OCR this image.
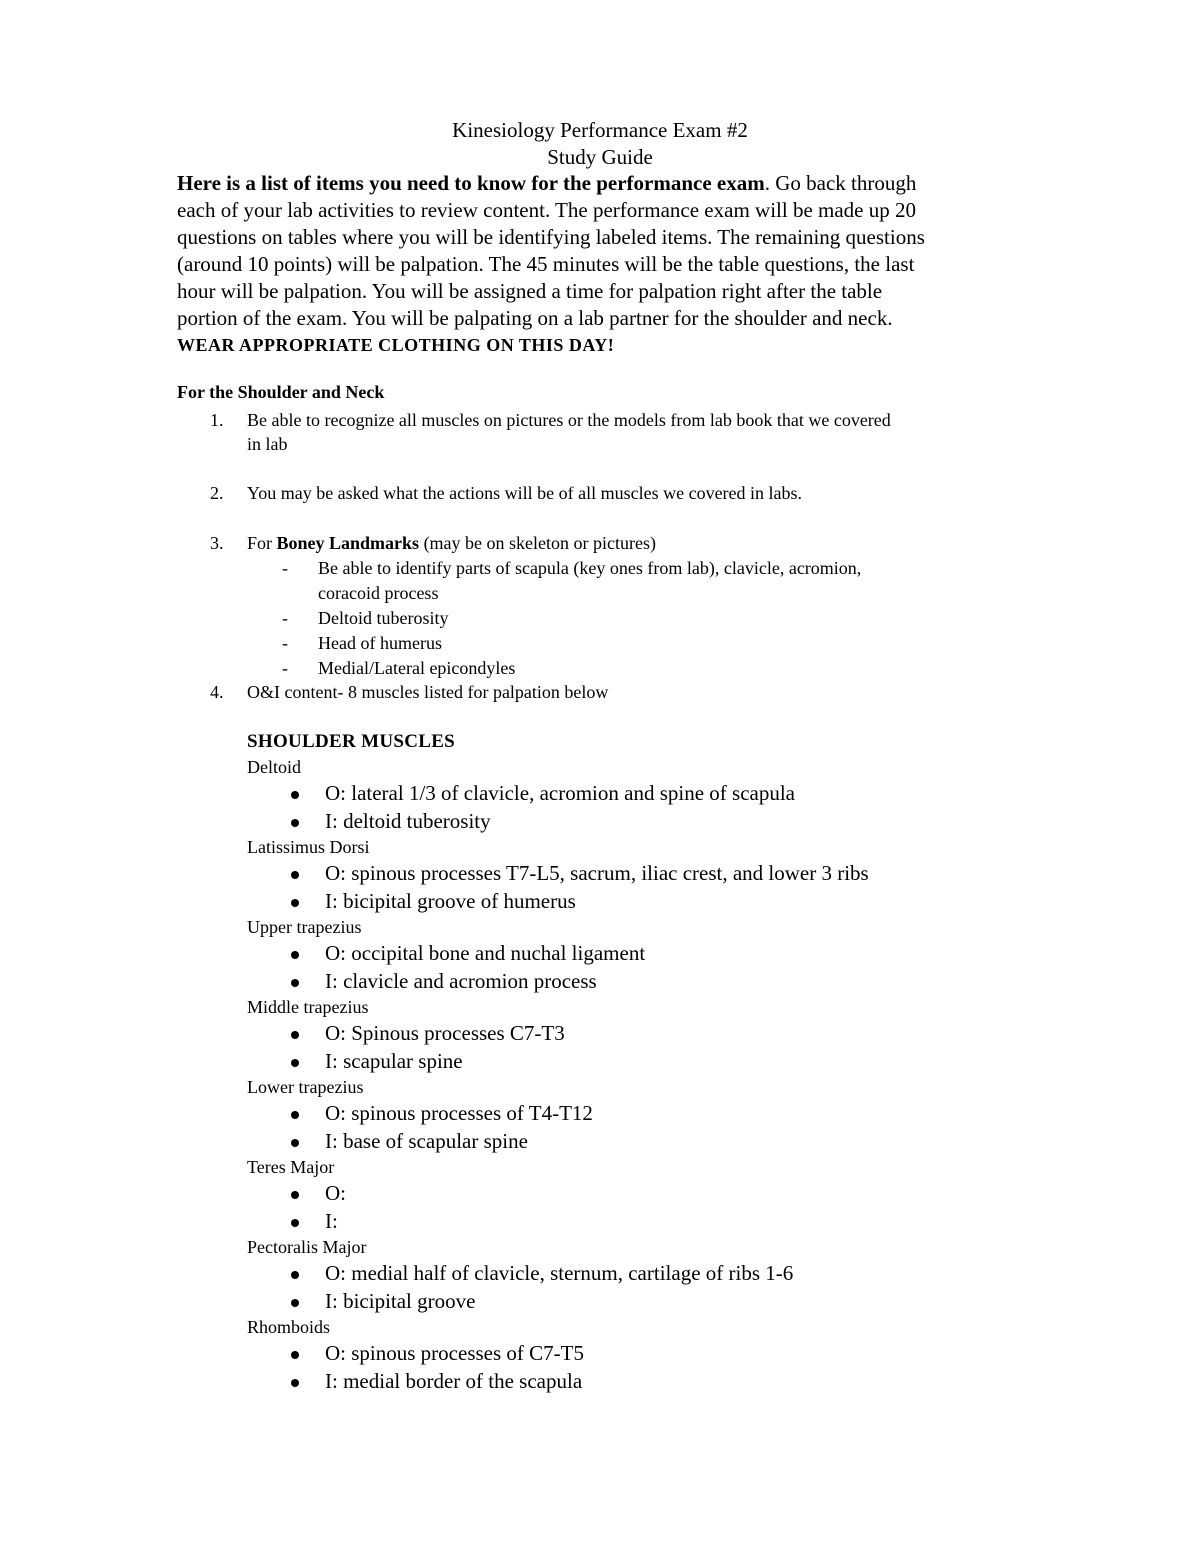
Kinesiology Performance Exam #2
Study Guide
Here is a list of items you need to know for the performance exam. Go back through
each of your lab activities to review content. The performance exam will be made up 20
questions on tables where you will be identifying labeled items. The remaining questions
(around 10 points) will be palpation. The 45 minutes will be the table questions, the last
hour will be palpation. You will be assigned a time for palpation right after the table
portion of the exam. You will be palpating on a lab partner for the shoulder and neck.
WEAR APPROPRIATE CLOTHING ON THIS DAY!
For the Shoulder and Neck
1.	Be able to recognize all muscles on pictures or the models from lab book that we covered
in lab
2.	You may be asked what the actions will be of all muscles we covered in labs.
3.	For Boney Landmarks (may be on skeleton or pictures)
-	Be able to identify parts of scapula (key ones from lab), clavicle, acromion,
coracoid process
-	Deltoid tuberosity
-	Head of humerus
-	Medial/Lateral epicondyles
4.	O&I content- 8 muscles listed for palpation below
SHOULDER MUSCLES
Deltoid
O: lateral 1/3 of clavicle, acromion and spine of scapula
I: deltoid tuberosity
Latissimus Dorsi
O: spinous processes T7-L5, sacrum, iliac crest, and lower 3 ribs
I: bicipital groove of humerus
Upper trapezius
O: occipital bone and nuchal ligament
I: clavicle and acromion process
Middle trapezius
O: Spinous processes C7-T3
I: scapular spine
Lower trapezius
O: spinous processes of T4-T12
I: base of scapular spine
Teres Major
O:
I:
Pectoralis Major
O: medial half of clavicle, sternum, cartilage of ribs 1-6
I: bicipital groove
Rhomboids
O: spinous processes of C7-T5
I: medial border of the scapula
